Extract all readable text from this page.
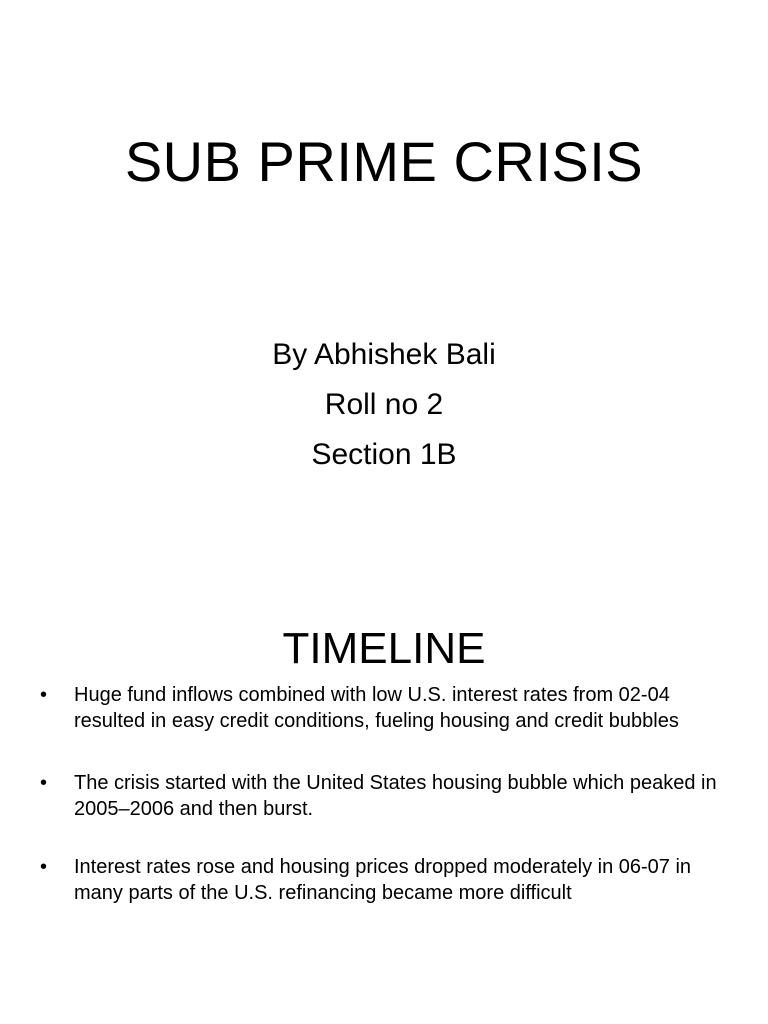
SUB PRIME CRISIS
By Abhishek Bali
Roll no 2
Section 1B
TIMELINE
• Huge fund inflows combined with low U.S. interest rates from 02-04 resulted in easy credit conditions, fueling housing and credit bubbles
• The crisis started with the United States housing bubble which peaked in 2005–2006 and then burst.
• Interest rates rose and housing prices dropped moderately in 06-07 in many parts of the U.S. refinancing became more difficult
